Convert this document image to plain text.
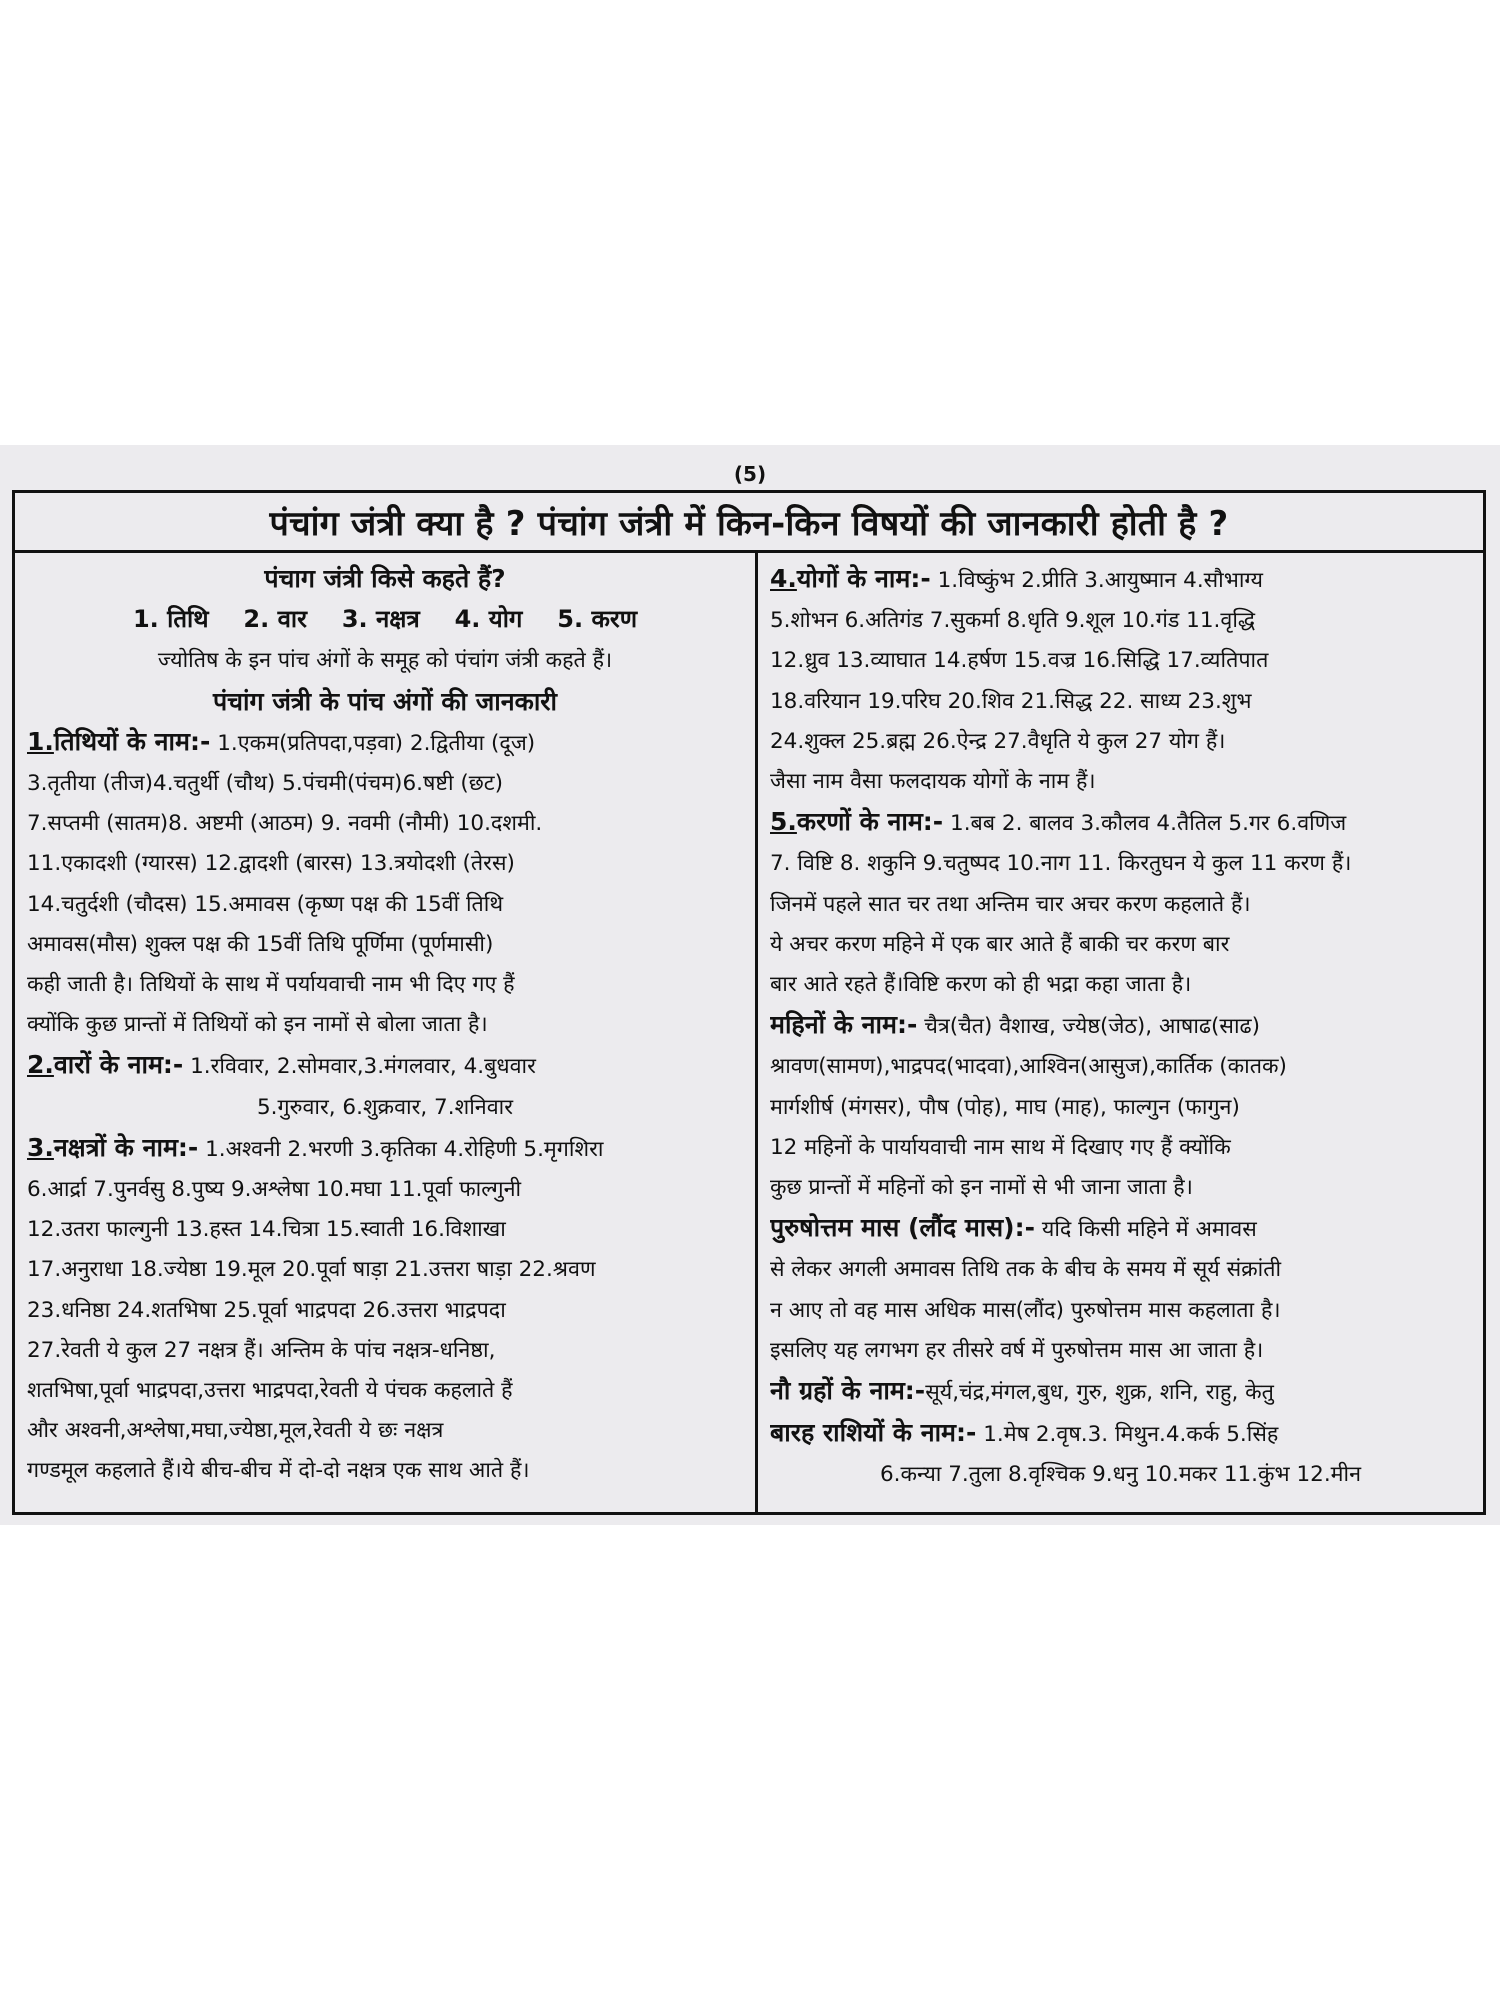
(5)
पंचांग जंत्री क्या है ? पंचांग जंत्री में किन-किन विषयों की जानकारी होती है ?
पंचाग जंत्री किसे कहते हैं?
1. तिथि 2. वार 3. नक्षत्र 4. योग 5. करण
ज्योतिष के इन पांच अंगों के समूह को पंचांग जंत्री कहते हैं।
पंचांग जंत्री के पांच अंगों की जानकारी
1.तिथियों के नाम:- 1.एकम(प्रतिपदा,पड़वा) 2.द्वितीया (दूज)
3.तृतीया (तीज)4.चतुर्थी (चौथ) 5.पंचमी(पंचम)6.षष्टी (छट)
7.सप्तमी (सातम)8. अष्टमी (आठम) 9. नवमी (नौमी) 10.दशमी.
11.एकादशी (ग्यारस) 12.द्वादशी (बारस) 13.त्रयोदशी (तेरस)
14.चतुर्दशी (चौदस) 15.अमावस (कृष्ण पक्ष की 15वीं तिथि
अमावस(मौस) शुक्ल पक्ष की 15वीं तिथि पूर्णिमा (पूर्णमासी)
कही जाती है। तिथियों के साथ में पर्यायवाची नाम भी दिए गए हैं
क्योंकि कुछ प्रान्तों में तिथियों को इन नामों से बोला जाता है।
2.वारों के नाम:- 1.रविवार, 2.सोमवार,3.मंगलवार, 4.बुधवार
5.गुरुवार, 6.शुक्रवार, 7.शनिवार
3.नक्षत्रों के नाम:- 1.अश्वनी 2.भरणी 3.कृतिका 4.रोहिणी 5.मृगशिरा
6.आर्द्रा 7.पुनर्वसु 8.पुष्य 9.अश्लेषा 10.मघा 11.पूर्वा फाल्गुनी
12.उतरा फाल्गुनी 13.हस्त 14.चित्रा 15.स्वाती 16.विशाखा
17.अनुराधा 18.ज्येष्ठा 19.मूल 20.पूर्वा षाड़ा 21.उत्तरा षाड़ा 22.श्रवण
23.धनिष्ठा 24.शतभिषा 25.पूर्वा भाद्रपदा 26.उत्तरा भाद्रपदा
27.रेवती ये कुल 27 नक्षत्र हैं। अन्तिम के पांच नक्षत्र-धनिष्ठा,
शतभिषा,पूर्वा भाद्रपदा,उत्तरा भाद्रपदा,रेवती ये पंचक कहलाते हैं
और अश्वनी,अश्लेषा,मघा,ज्येष्ठा,मूल,रेवती ये छः नक्षत्र
गण्डमूल कहलाते हैं।ये बीच-बीच में दो-दो नक्षत्र एक साथ आते हैं।
4.योगों के नाम:- 1.विष्कुंभ 2.प्रीति 3.आयुष्मान 4.सौभाग्य
5.शोभन 6.अतिगंड 7.सुकर्मा 8.धृति 9.शूल 10.गंड 11.वृद्धि
12.ध्रुव 13.व्याघात 14.हर्षण 15.वज्र 16.सिद्धि 17.व्यतिपात
18.वरियान 19.परिघ 20.शिव 21.सिद्ध 22. साध्य 23.शुभ
24.शुक्ल 25.ब्रह्म 26.ऐन्द्र 27.वैधृति ये कुल 27 योग हैं।
जैसा नाम वैसा फलदायक योगों के नाम हैं।
5.करणों के नाम:- 1.बब 2. बालव 3.कौलव 4.तैतिल 5.गर 6.वणिज
7. विष्टि 8. शकुनि 9.चतुष्पद 10.नाग 11. किरतुघन ये कुल 11 करण हैं।
जिनमें पहले सात चर तथा अन्तिम चार अचर करण कहलाते हैं।
ये अचर करण महिने में एक बार आते हैं बाकी चर करण बार
बार आते रहते हैं।विष्टि करण को ही भद्रा कहा जाता है।
महिनों के नाम:- चैत्र(चैत) वैशाख, ज्येष्ठ(जेठ), आषाढ(साढ)
श्रावण(सामण),भाद्रपद(भादवा),आश्विन(आसुज),कार्तिक (कातक)
मार्गशीर्ष (मंगसर), पौष (पोह), माघ (माह), फाल्गुन (फागुन)
12 महिनों के पार्यायवाची नाम साथ में दिखाए गए हैं क्योंकि
कुछ प्रान्तों में महिनों को इन नामों से भी जाना जाता है।
पुरुषोत्तम मास (लौंद मास):- यदि किसी महिने में अमावस
से लेकर अगली अमावस तिथि तक के बीच के समय में सूर्य संक्रांती
न आए तो वह मास अधिक मास(लौंद) पुरुषोत्तम मास कहलाता है।
इसलिए यह लगभग हर तीसरे वर्ष में पुरुषोत्तम मास आ जाता है।
नौ ग्रहों के नाम:-सूर्य,चंद्र,मंगल,बुध, गुरु, शुक्र, शनि, राहु, केतु
बारह राशियों के नाम:- 1.मेष 2.वृष.3. मिथुन.4.कर्क 5.सिंह
6.कन्या 7.तुला 8.वृश्चिक 9.धनु 10.मकर 11.कुंभ 12.मीन
